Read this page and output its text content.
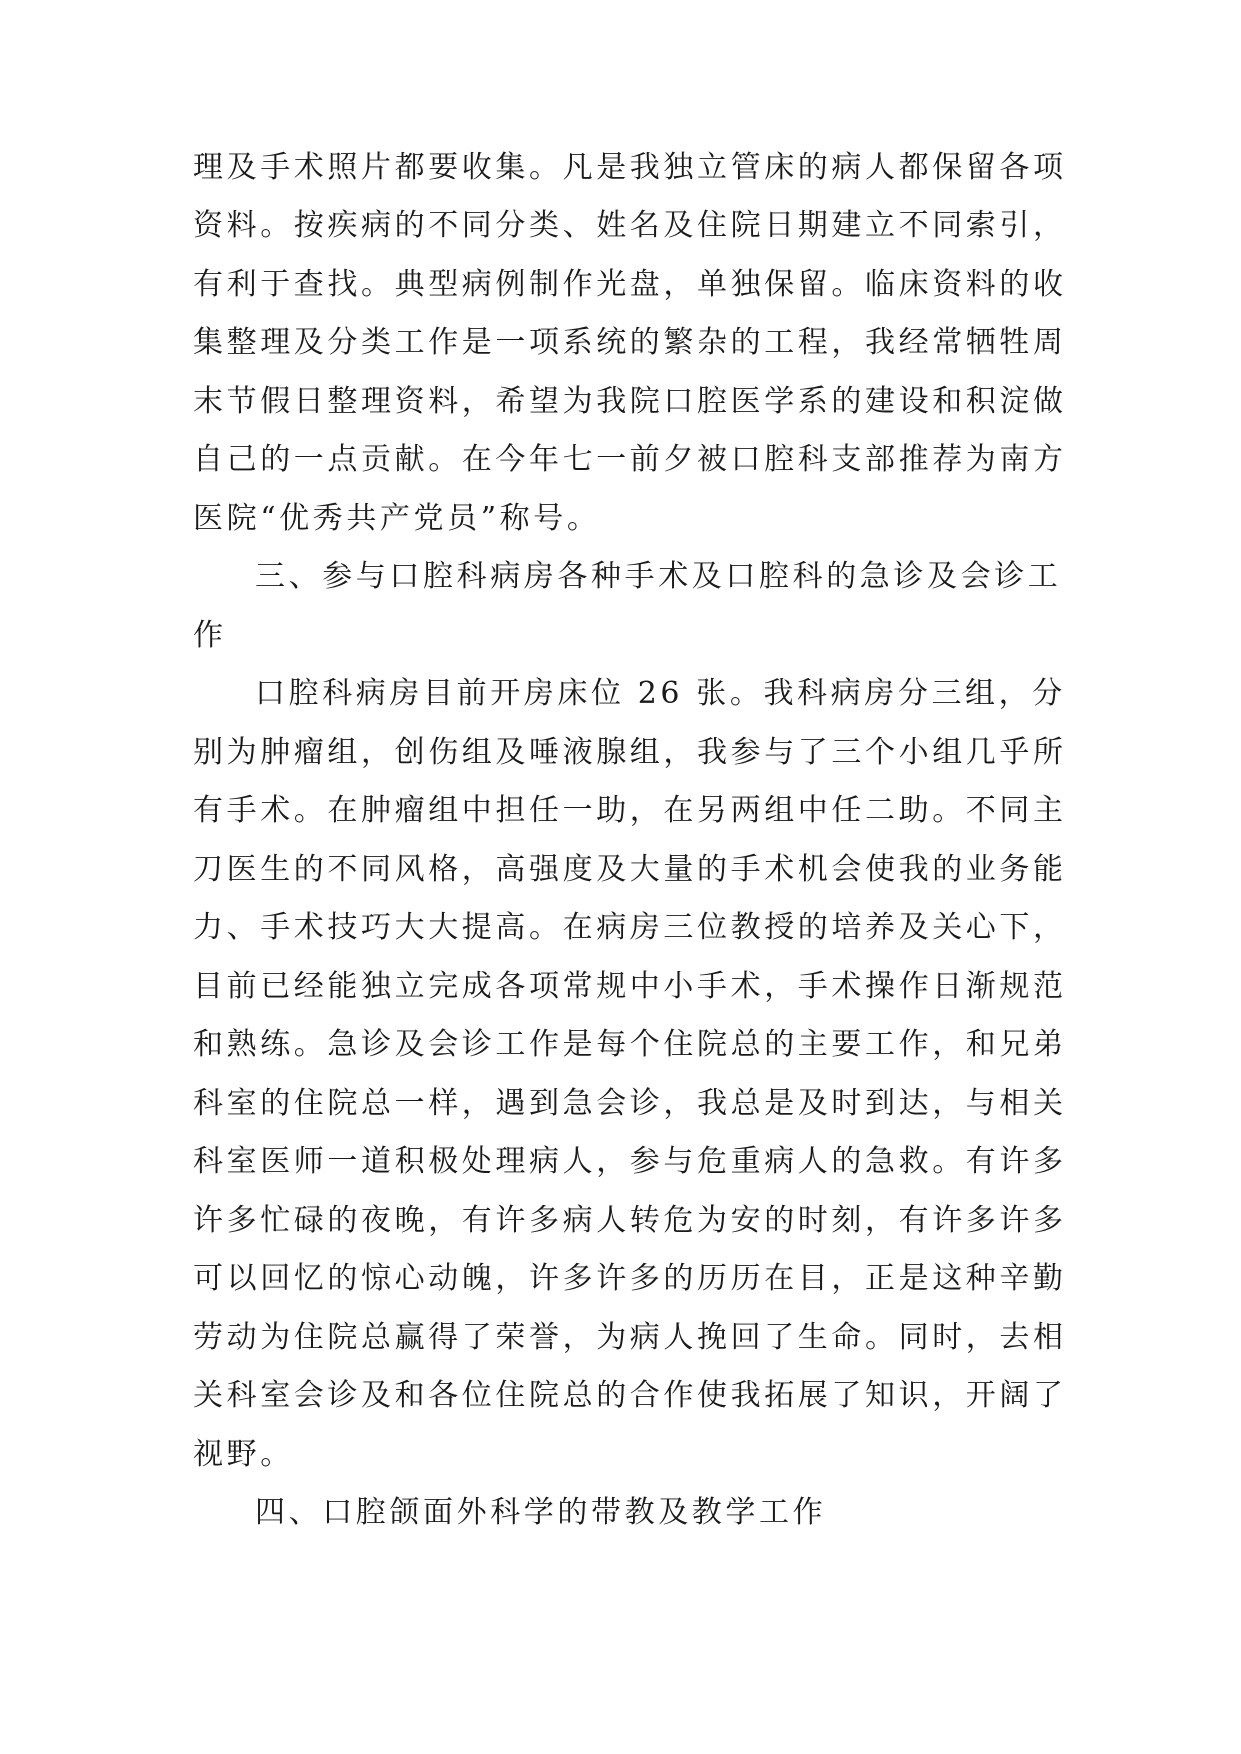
理及手术照片都要收集。凡是我独立管床的病人都保留各项
资料。按疾病的不同分类、姓名及住院日期建立不同索引，
有利于查找。典型病例制作光盘，单独保留。临床资料的收
集整理及分类工作是一项系统的繁杂的工程，我经常牺牲周
末节假日整理资料，希望为我院口腔医学系的建设和积淀做
自己的一点贡献。在今年七一前夕被口腔科支部推荐为南方
医院“优秀共产党员”称号。
三、参与口腔科病房各种手术及口腔科的急诊及会诊工
作
口腔科病房目前开房床位 26 张。我科病房分三组，分
别为肿瘤组，创伤组及唾液腺组，我参与了三个小组几乎所
有手术。在肿瘤组中担任一助，在另两组中任二助。不同主
刀医生的不同风格，高强度及大量的手术机会使我的业务能
力、手术技巧大大提高。在病房三位教授的培养及关心下，
目前已经能独立完成各项常规中小手术，手术操作日渐规范
和熟练。急诊及会诊工作是每个住院总的主要工作，和兄弟
科室的住院总一样，遇到急会诊，我总是及时到达，与相关
科室医师一道积极处理病人，参与危重病人的急救。有许多
许多忙碌的夜晚，有许多病人转危为安的时刻，有许多许多
可以回忆的惊心动魄，许多许多的历历在目，正是这种辛勤
劳动为住院总赢得了荣誉，为病人挽回了生命。同时，去相
关科室会诊及和各位住院总的合作使我拓展了知识，开阔了
视野。
四、口腔颌面外科学的带教及教学工作
